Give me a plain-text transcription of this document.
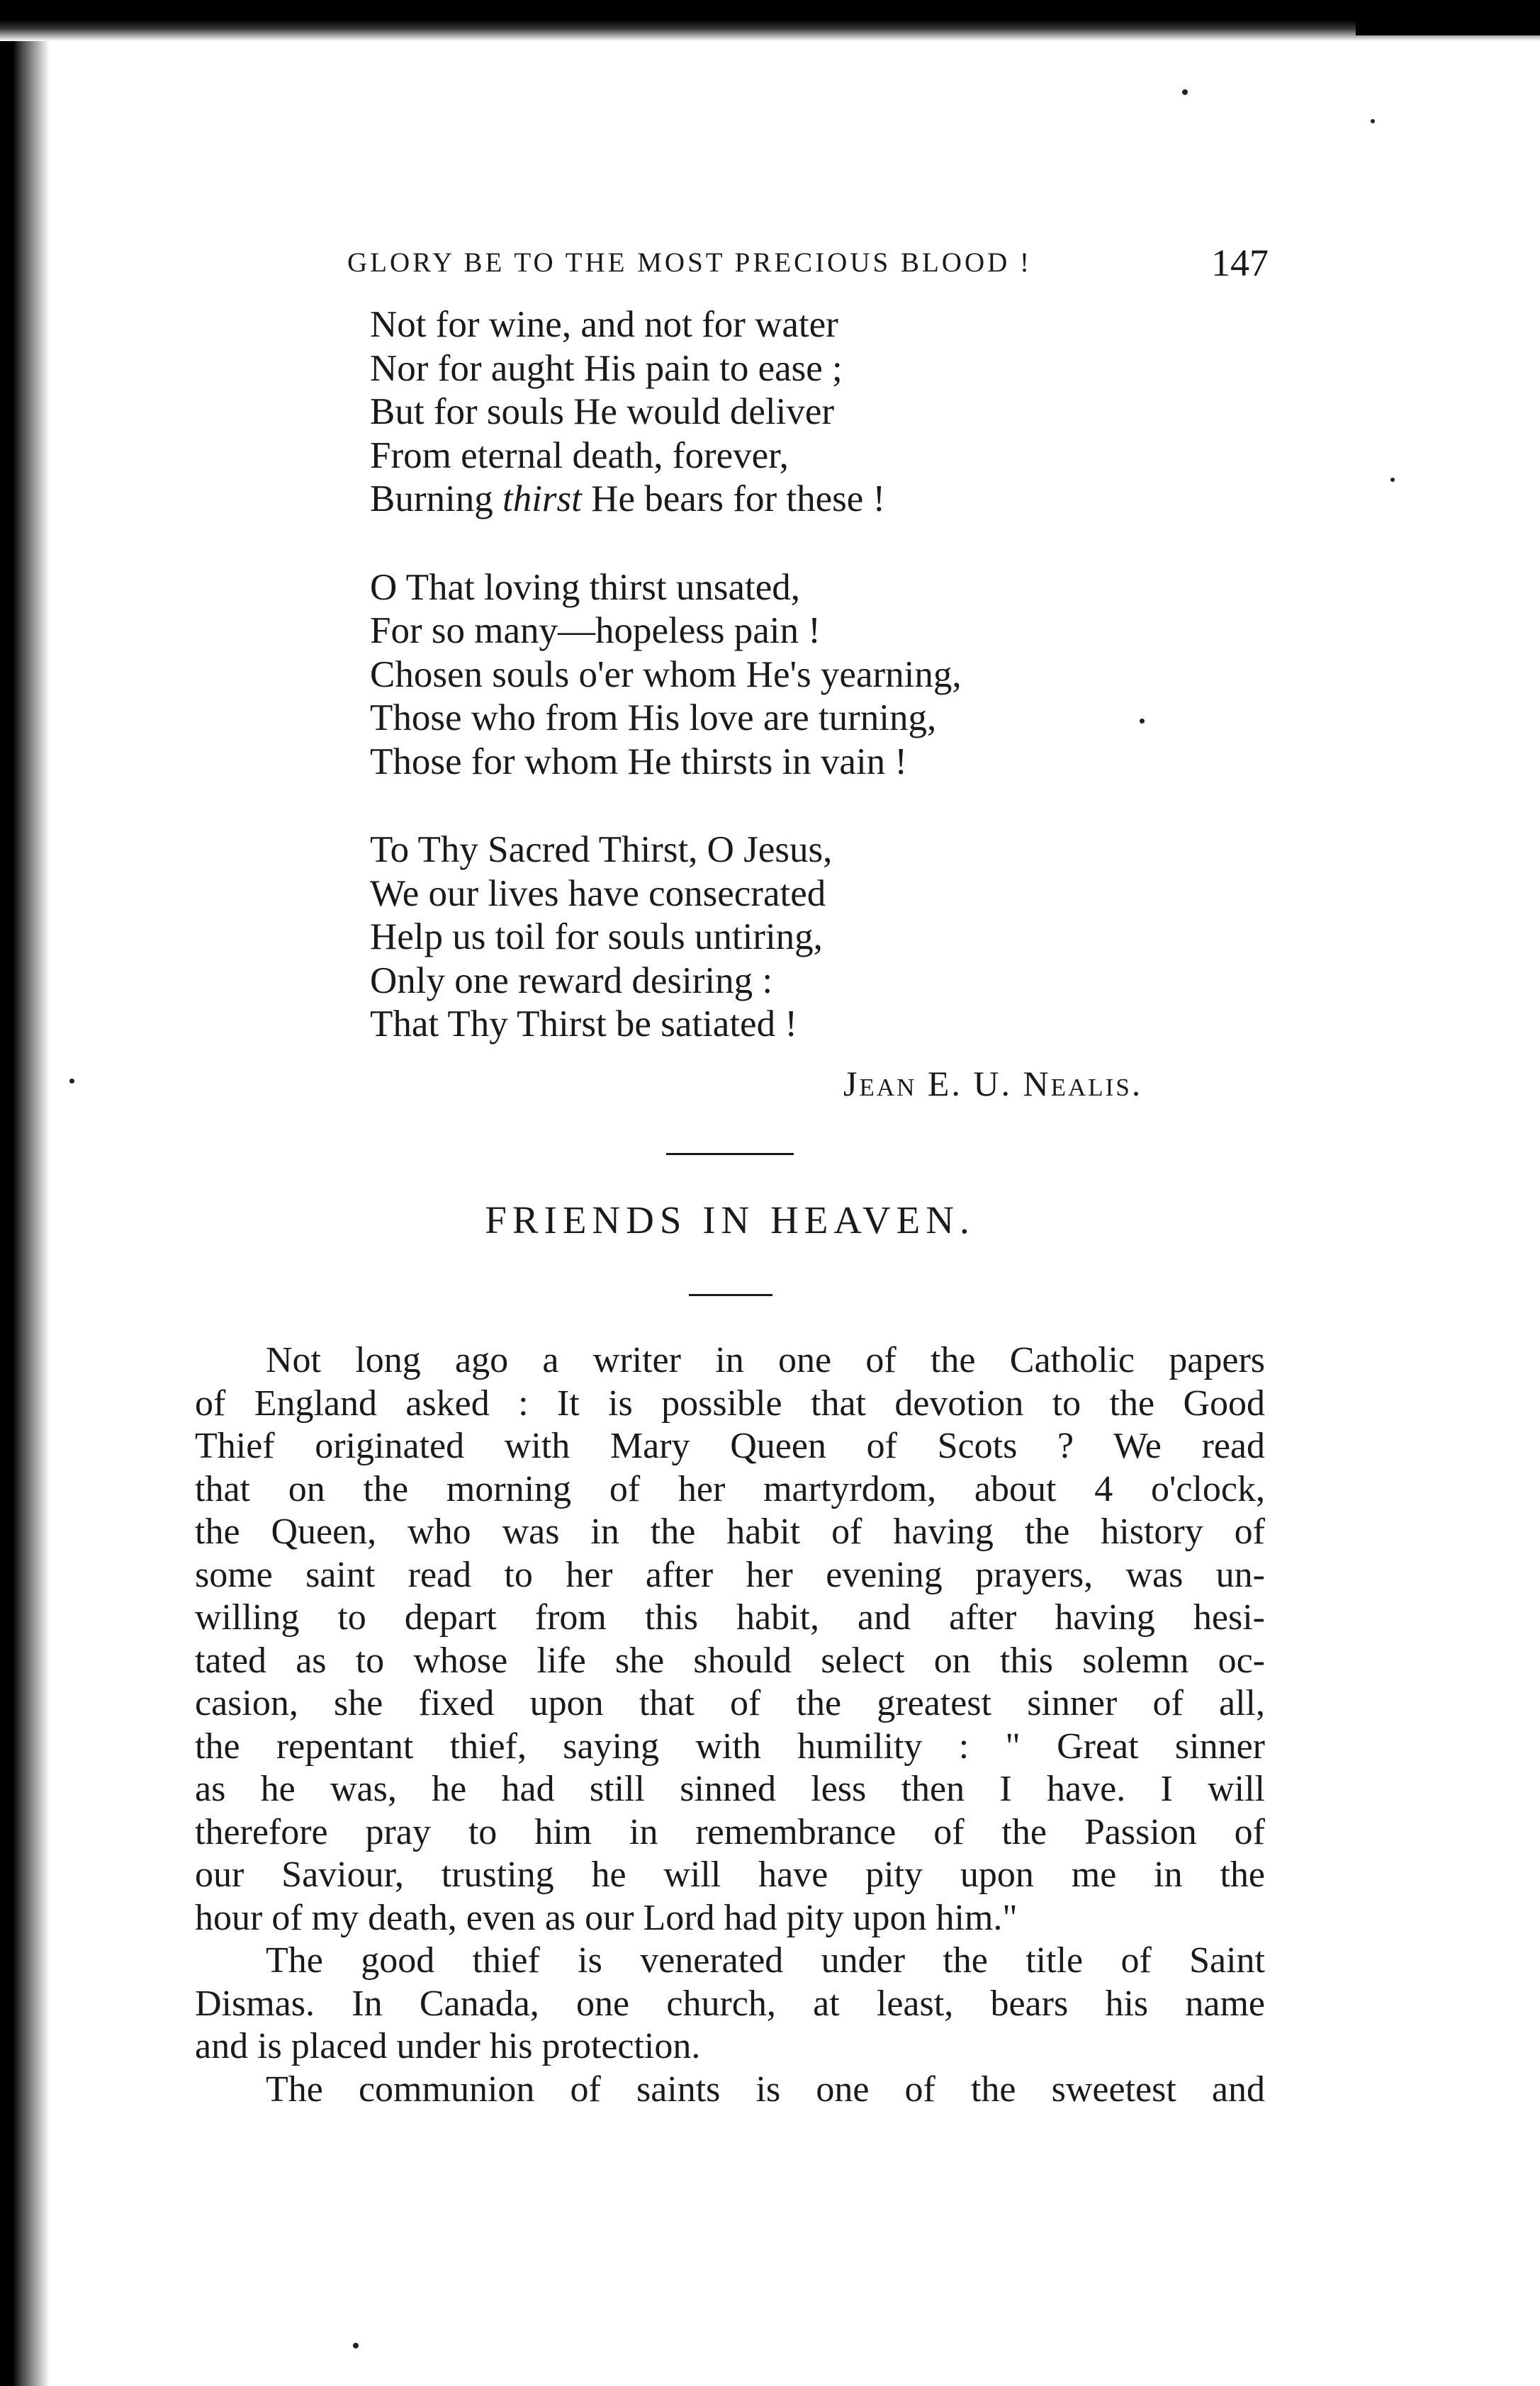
GLORY BE TO THE MOST PRECIOUS BLOOD !	147
Not for wine, and not for water
Nor for aught His pain to ease ;
But for souls He would deliver
From eternal death, forever,
Burning thirst He bears for these !
O That loving thirst unsated,
For so many—hopeless pain !
Chosen souls o'er whom He's yearning,
Those who from His love are turning,
Those for whom He thirsts in vain !
To Thy Sacred Thirst, O Jesus,
We our lives have consecrated
Help us toil for souls untiring,
Only one reward desiring :
That Thy Thirst be satiated !
Jean E. U. Nealis.
FRIENDS IN HEAVEN.
Not long ago a writer in one of the Catholic papers
of England asked : It is possible that devotion to the Good
Thief originated with Mary Queen of Scots ? We read
that on the morning of her martyrdom, about 4 o'clock,
the Queen, who was in the habit of having the history of
some saint read to her after her evening prayers, was un-
willing to depart from this habit, and after having hesi-
tated as to whose life she should select on this solemn oc-
casion, she fixed upon that of the greatest sinner of all,
the repentant thief, saying with humility : " Great sinner
as he was, he had still sinned less then I have. I will
therefore pray to him in remembrance of the Passion of
our Saviour, trusting he will have pity upon me in the
hour of my death, even as our Lord had pity upon him."
The good thief is venerated under the title of Saint
Dismas. In Canada, one church, at least, bears his name
and is placed under his protection.
The communion of saints is one of the sweetest and
